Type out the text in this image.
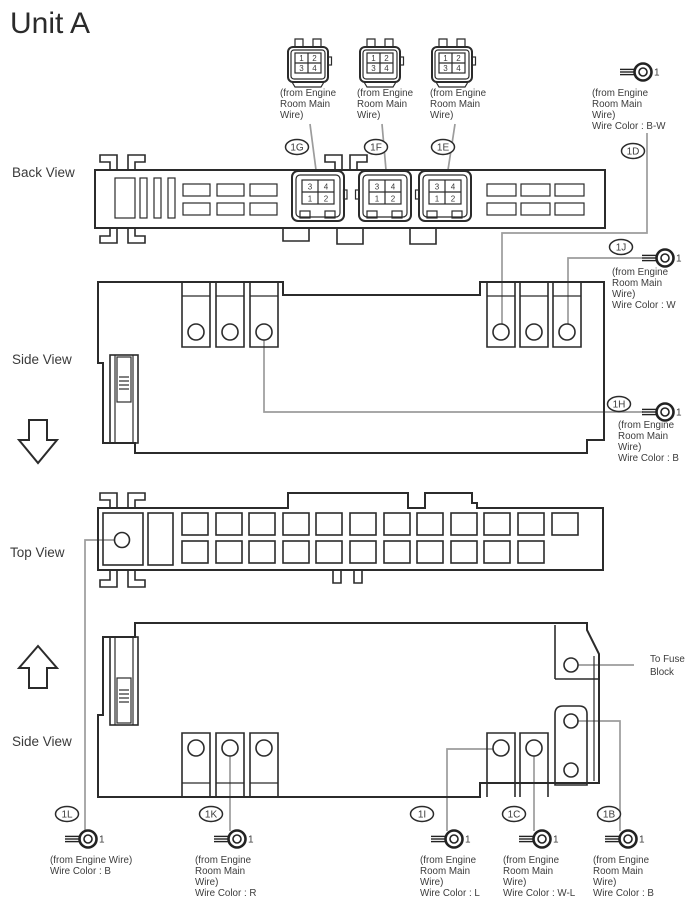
Unit A
1 2
3 4
1 2
3 4
1 2
3 4
(from Engine
Room Main
Wire)
(from Engine
Room Main
Wire)
(from Engine
Room Main
Wire)
1G	1F	1E
1
(from Engine
Room Main
Wire)
Wire Color : B-W
1D
Back View
3 4
1 2
3 4
1 2
3 4
1 2
Side View
1J
1
(from Engine
Room Main
Wire)
Wire Color : W
1H
1
(from Engine
Room Main
Wire)
Wire Color : B
Top View
Side View
To Fuse
Block
1L
1
(from Engine Wire)
Wire Color : B
1K
1
(from Engine
Room Main
Wire)
Wire Color : R
1I
1
(from Engine
Room Main
Wire)
Wire Color : L
1C
1
(from Engine
Room Main
Wire)
Wire Color : W-L
1B
1
(from Engine
Room Main
Wire)
Wire Color : B
